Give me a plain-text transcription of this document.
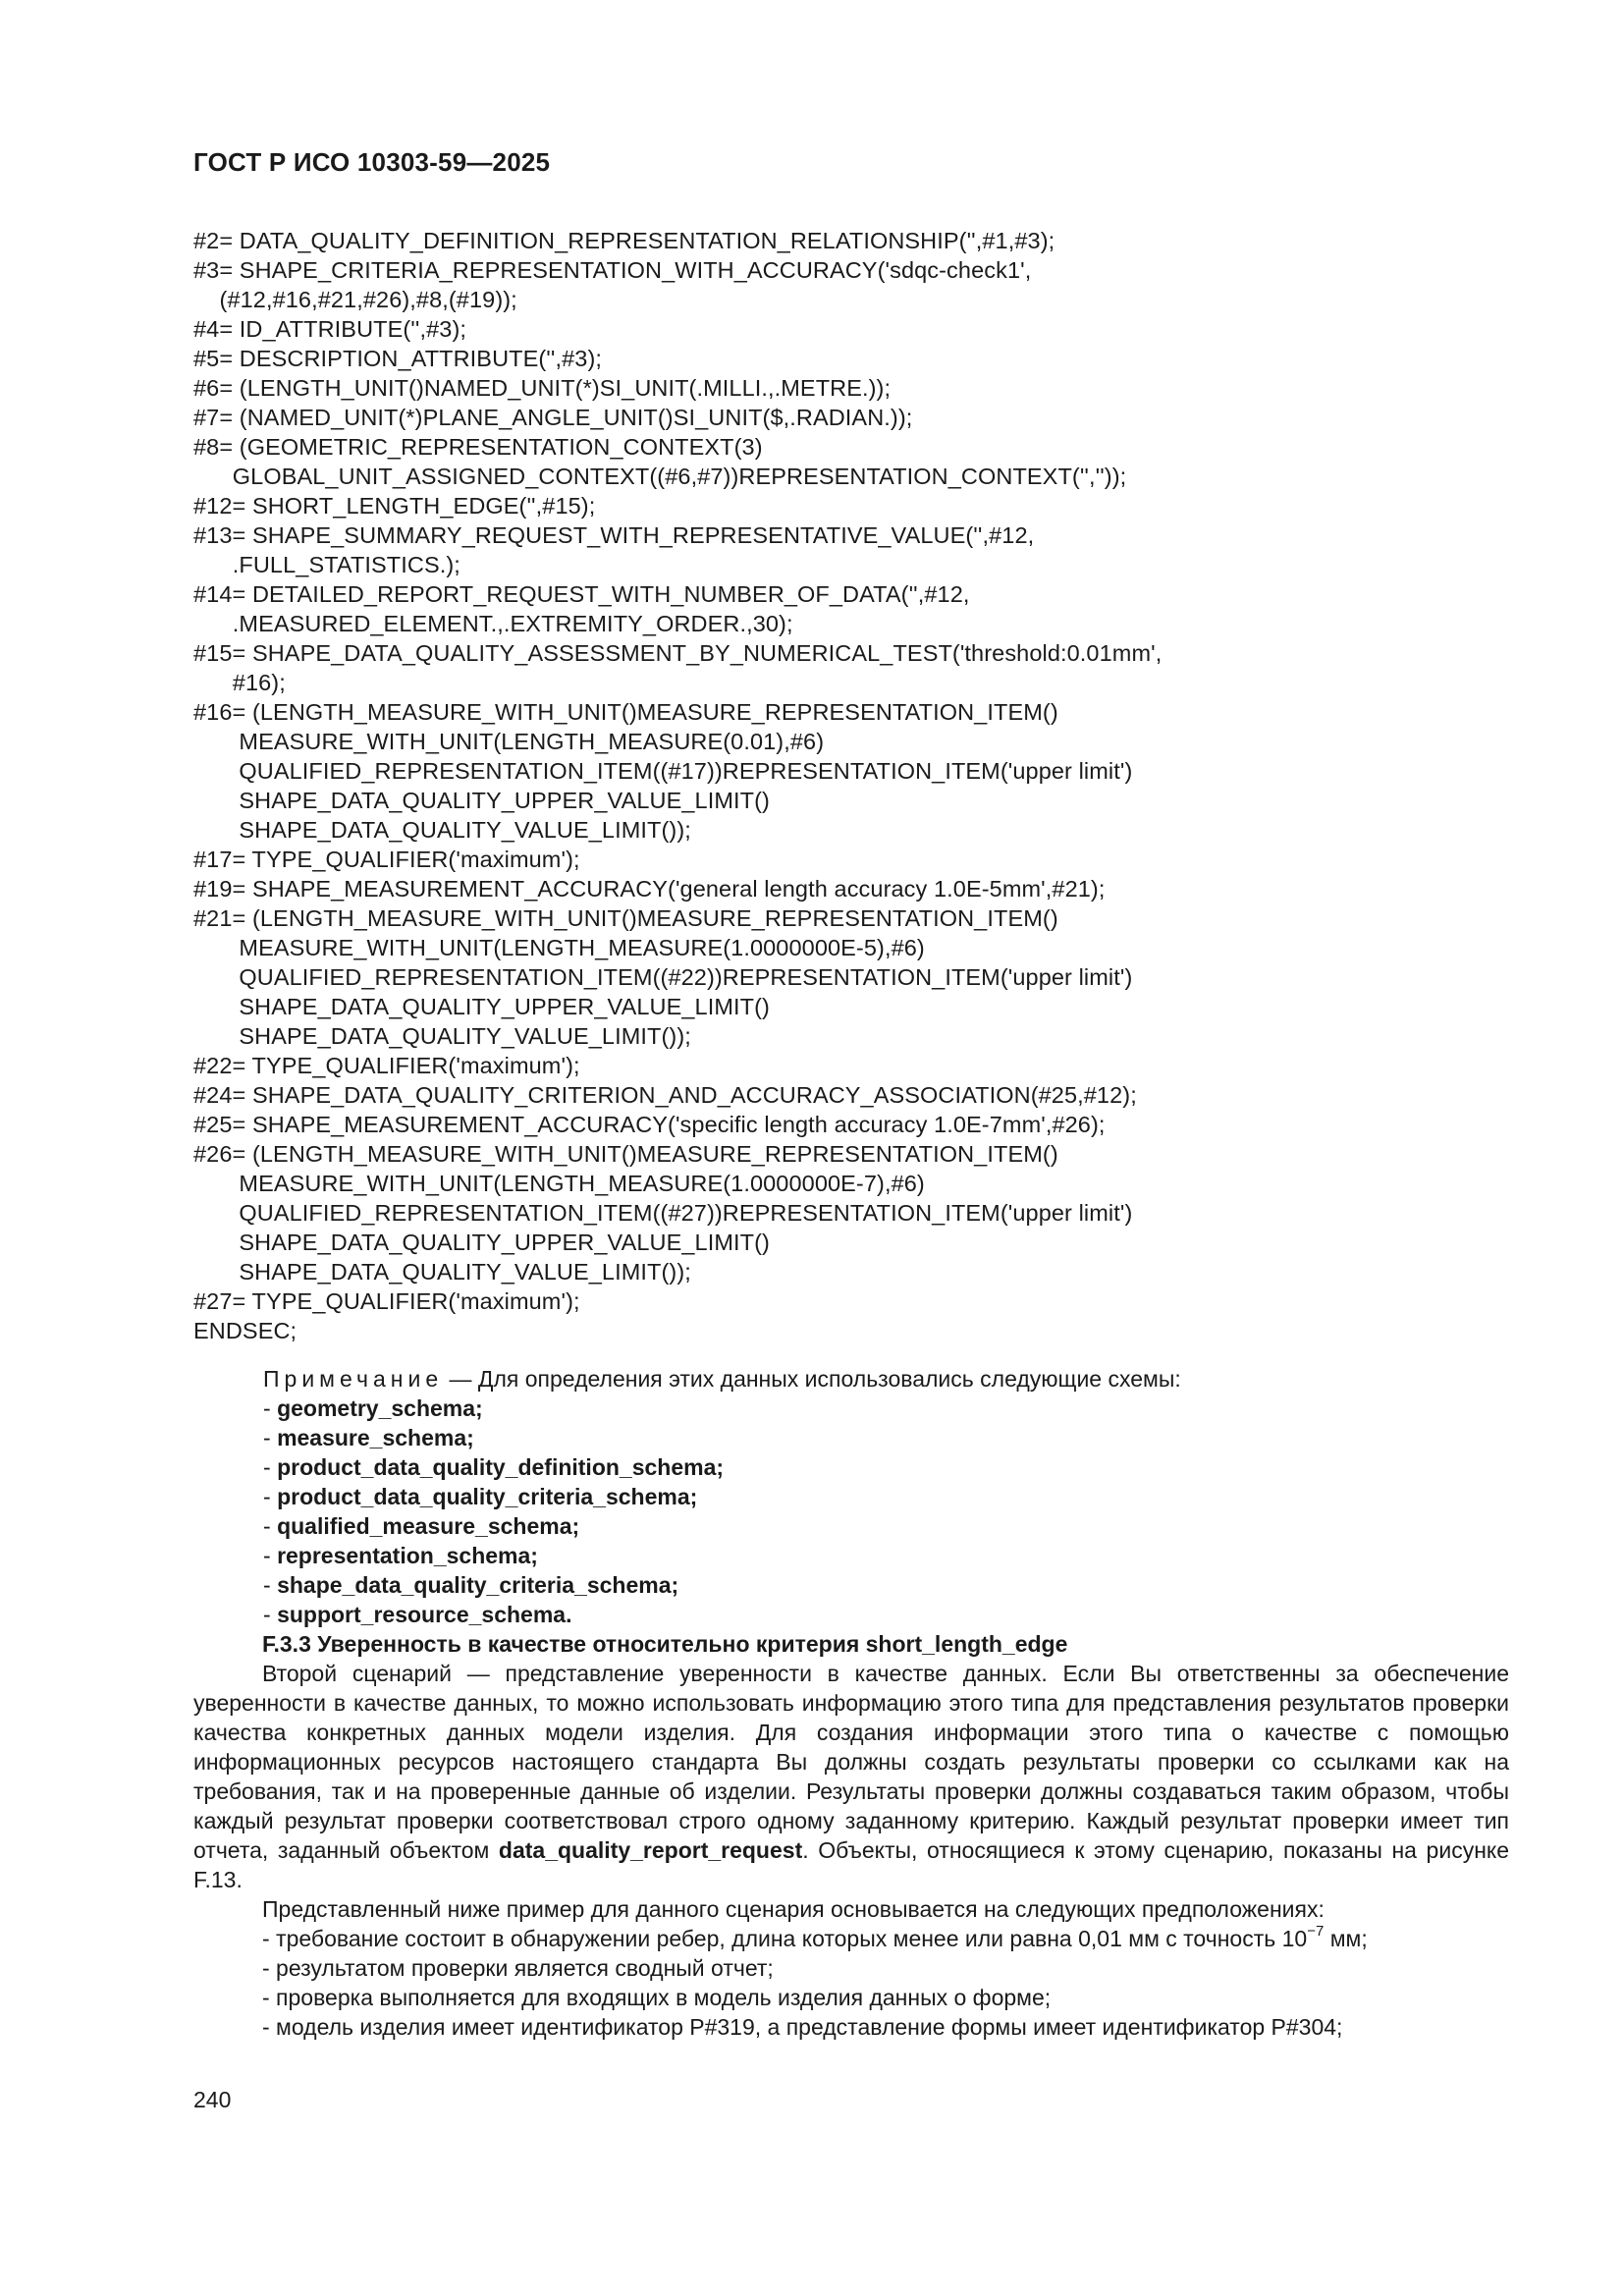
ГОСТ Р ИСО 10303-59—2025
#2= DATA_QUALITY_DEFINITION_REPRESENTATION_RELATIONSHIP('',#1,#3);
#3= SHAPE_CRITERIA_REPRESENTATION_WITH_ACCURACY('sdqc-check1',
(#12,#16,#21,#26),#8,(#19));
#4= ID_ATTRIBUTE('',#3);
#5= DESCRIPTION_ATTRIBUTE('',#3);
#6= (LENGTH_UNIT()NAMED_UNIT(*)SI_UNIT(.MILLI.,.METRE.));
#7= (NAMED_UNIT(*)PLANE_ANGLE_UNIT()SI_UNIT($,.RADIAN.));
#8= (GEOMETRIC_REPRESENTATION_CONTEXT(3)
GLOBAL_UNIT_ASSIGNED_CONTEXT((#6,#7))REPRESENTATION_CONTEXT('',''));
#12= SHORT_LENGTH_EDGE('',#15);
#13= SHAPE_SUMMARY_REQUEST_WITH_REPRESENTATIVE_VALUE('',#12,
.FULL_STATISTICS.);
#14= DETAILED_REPORT_REQUEST_WITH_NUMBER_OF_DATA('',#12,
.MEASURED_ELEMENT.,.EXTREMITY_ORDER.,30);
#15= SHAPE_DATA_QUALITY_ASSESSMENT_BY_NUMERICAL_TEST('threshold:0.01mm',
#16);
#16= (LENGTH_MEASURE_WITH_UNIT()MEASURE_REPRESENTATION_ITEM()
MEASURE_WITH_UNIT(LENGTH_MEASURE(0.01),#6)
QUALIFIED_REPRESENTATION_ITEM((#17))REPRESENTATION_ITEM('upper limit')
SHAPE_DATA_QUALITY_UPPER_VALUE_LIMIT()
SHAPE_DATA_QUALITY_VALUE_LIMIT());
#17= TYPE_QUALIFIER('maximum');
#19= SHAPE_MEASUREMENT_ACCURACY('general length accuracy 1.0E-5mm',#21);
#21= (LENGTH_MEASURE_WITH_UNIT()MEASURE_REPRESENTATION_ITEM()
MEASURE_WITH_UNIT(LENGTH_MEASURE(1.0000000E-5),#6)
QUALIFIED_REPRESENTATION_ITEM((#22))REPRESENTATION_ITEM('upper limit')
SHAPE_DATA_QUALITY_UPPER_VALUE_LIMIT()
SHAPE_DATA_QUALITY_VALUE_LIMIT());
#22= TYPE_QUALIFIER('maximum');
#24= SHAPE_DATA_QUALITY_CRITERION_AND_ACCURACY_ASSOCIATION(#25,#12);
#25= SHAPE_MEASUREMENT_ACCURACY('specific length accuracy 1.0E-7mm',#26);
#26= (LENGTH_MEASURE_WITH_UNIT()MEASURE_REPRESENTATION_ITEM()
MEASURE_WITH_UNIT(LENGTH_MEASURE(1.0000000E-7),#6)
QUALIFIED_REPRESENTATION_ITEM((#27))REPRESENTATION_ITEM('upper limit')
SHAPE_DATA_QUALITY_UPPER_VALUE_LIMIT()
SHAPE_DATA_QUALITY_VALUE_LIMIT());
#27= TYPE_QUALIFIER('maximum');
ENDSEC;
Примечание — Для определения этих данных использовались следующие схемы:
- geometry_schema;
- measure_schema;
- product_data_quality_definition_schema;
- product_data_quality_criteria_schema;
- qualified_measure_schema;
- representation_schema;
- shape_data_quality_criteria_schema;
- support_resource_schema.
F.3.3 Уверенность в качестве относительно критерия short_length_edge
Второй сценарий — представление уверенности в качестве данных. Если Вы ответственны за обеспечение уверенности в качестве данных, то можно использовать информацию этого типа для представления результатов проверки качества конкретных данных модели изделия. Для создания информации этого типа о качестве с помощью информационных ресурсов настоящего стандарта Вы должны создать результаты проверки со ссылками как на требования, так и на проверенные данные об изделии. Результаты проверки должны создаваться таким образом, чтобы каждый результат проверки соответствовал строго одному заданному критерию. Каждый результат проверки имеет тип отчета, заданный объектом data_quality_report_request. Объекты, относящиеся к этому сценарию, показаны на рисунке F.13.
Представленный ниже пример для данного сценария основывается на следующих предположениях:
- требование состоит в обнаружении ребер, длина которых менее или равна 0,01 мм с точность $10^{-7}$ мм;
- результатом проверки является сводный отчет;
- проверка выполняется для входящих в модель изделия данных о форме;
- модель изделия имеет идентификатор P#319, а представление формы имеет идентификатор P#304;
240
